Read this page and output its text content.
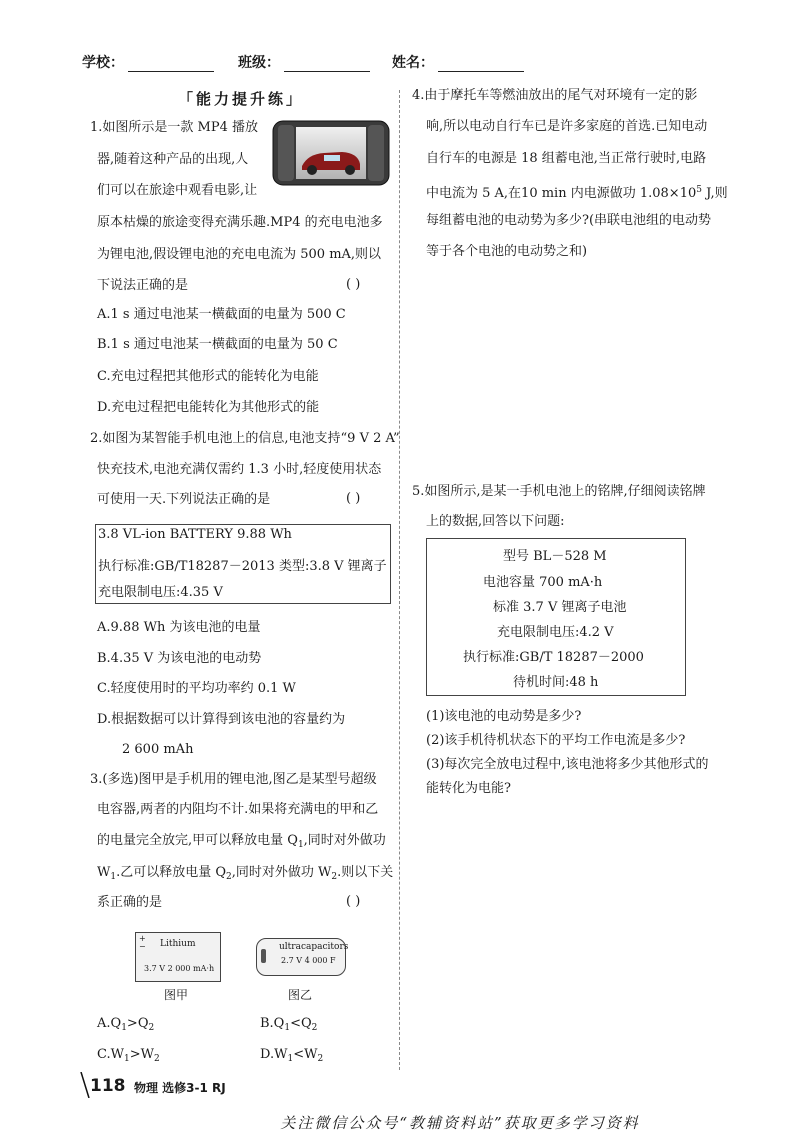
学校：	班级：	姓名：
「能力提升练」
1.如图所示是一款 MP4 播放
器,随着这种产品的出现,人
们可以在旅途中观看电影,让
原本枯燥的旅途变得充满乐趣.MP4 的充电电池多
为锂电池,假设锂电池的充电电流为 500 mA,则以
下说法正确的是	( )
A.1 s 通过电池某一横截面的电量为 500 C
B.1 s 通过电池某一横截面的电量为 50 C
C.充电过程把其他形式的能转化为电能
D.充电过程把电能转化为其他形式的能
2.如图为某智能手机电池上的信息,电池支持“9 V 2 A”
快充技术,电池充满仅需约 1.3 小时,轻度使用状态
可使用一天.下列说法正确的是	( )
3.8 VL-ion BATTERY 9.88 Wh
执行标准:GB/T18287－2013 类型:3.8 V 锂离子
充电限制电压:4.35 V
A.9.88 Wh 为该电池的电量
B.4.35 V 为该电池的电动势
C.轻度使用时的平均功率约 0.1 W
D.根据数据可以计算得到该电池的容量约为
2 600 mAh
3.(多选)图甲是手机用的锂电池,图乙是某型号超级
电容器,两者的内阻均不计.如果将充满电的甲和乙
的电量完全放完,甲可以释放电量 $Q_1$,同时对外做功
$W_1$.乙可以释放电量 $Q_2$,同时对外做功 $W_2$.则以下关
系正确的是	( )
+
− Lithium
3.7 V 2 000 mA·h
图甲
ultracapacitors
2.7 V 4 000 F
图乙
$A.Q_1>Q_2$	$B.Q_1<Q_2$
$C.W_1>W_2$	$D.W_1<W_2$
4.由于摩托车等燃油放出的尾气对环境有一定的影
响,所以电动自行车已是许多家庭的首选.已知电动
自行车的电源是 18 组蓄电池,当正常行驶时,电路
中电流为 5 A,在10 min 内电源做功 $1.08\times 10^5$ J,则
每组蓄电池的电动势为多少?(串联电池组的电动势
等于各个电池的电动势之和)
5.如图所示,是某一手机电池上的铭牌,仔细阅读铭牌
上的数据,回答以下问题:
型号 BL－528 M
电池容量 700 mA·h
标准 3.7 V 锂离子电池
充电限制电压:4.2 V
执行标准:GB/T 18287－2000
待机时间:48 h
(1)该电池的电动势是多少?
(2)该手机待机状态下的平均工作电流是多少?
(3)每次完全放电过程中,该电池将多少其他形式的
能转化为电能?
118 物理 选修3-1 RJ
关注微信公众号“教辅资料站”获取更多学习资料
